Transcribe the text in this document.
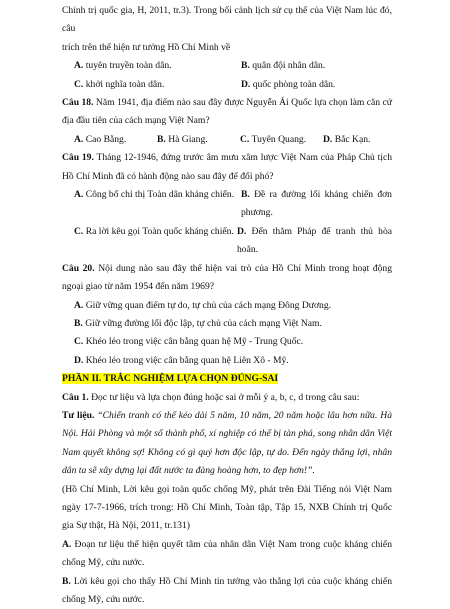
Chính trị quốc gia, H, 2011, tr.3). Trong bối cảnh lịch sử cụ thể của Việt Nam lúc đó, câu

trích trên thể hiện tư tưởng Hồ Chí Minh về

A. tuyên truyền toàn dân.	B. quân đội nhân dân.
C. khởi nghĩa toàn dân.	D. quốc phòng toàn dân.

Câu 18. Năm 1941, địa điểm nào sau đây được Nguyễn Ái Quốc lựa chọn làm căn cứ địa đầu tiên của cách mạng Việt Nam?

A. Cao Bằng.	B. Hà Giang.	C. Tuyên Quang.	D. Bắc Kạn.

Câu 19. Tháng 12-1946, đứng trước âm mưu xâm lược Việt Nam của Pháp Chủ tịch Hồ Chí Minh đã có hành động nào sau đây để đối phó?

A. Công bố chỉ thị Toàn dân kháng chiến. B. Đề ra đường lối kháng chiến đơn phương.
C. Ra lời kêu gọi Toàn quốc kháng chiến. D. Đến thăm Pháp để tranh thủ hòa hoãn.

Câu 20. Nội dung nào sau đây thể hiện vai trò của Hồ Chí Minh trong hoạt động ngoại giao từ năm 1954 đến năm 1969?

A. Giữ vững quan điểm tự do, tự chủ của cách mạng Đông Dương.

B. Giữ vững đường lối độc lập, tự chủ của cách mạng Việt Nam.

C. Khéo léo trong việc cân bằng quan hệ Mỹ - Trung Quốc.

D. Khéo léo trong việc cân bằng quan hệ Liên Xô - Mỹ.

PHẦN II. TRẮC NGHIỆM LỰA CHỌN ĐÚNG-SAI

Câu 1. Đọc tư liệu và lựa chọn đúng hoặc sai ở mỗi ý a, b, c, d trong câu sau:

Tư liệu. “Chiến tranh có thể kéo dài 5 năm, 10 năm, 20 năm hoặc lâu hơn nữa. Hà Nội. Hải Phòng và một số thành phố, xí nghiệp có thể bị tàn phá, song nhân dân Việt Nam quyết không sợ! Không có gì quý hơn độc lập, tự do. Đến ngày thắng lợi, nhân dân ta sẽ xây dựng lại đất nước ta đàng hoàng hơn, to đẹp hơn!”.

(Hồ Chí Minh, Lời kêu gọi toàn quốc chống Mỹ, phát trên Đài Tiếng nói Việt Nam ngày 17-7-1966, trích trong: Hồ Chí Minh, Toàn tập, Tập 15, NXB Chính trị Quốc gia Sự thật, Hà Nội, 2011, tr.131)

A. Đoạn tư liệu thể hiện quyết tâm của nhân dân Việt Nam trong cuộc kháng chiến chống Mỹ, cứu nước.

B. Lời kêu gọi cho thấy Hồ Chí Minh tin tưởng vào thắng lợi của cuộc kháng chiến chống Mỹ, cứu nước.
